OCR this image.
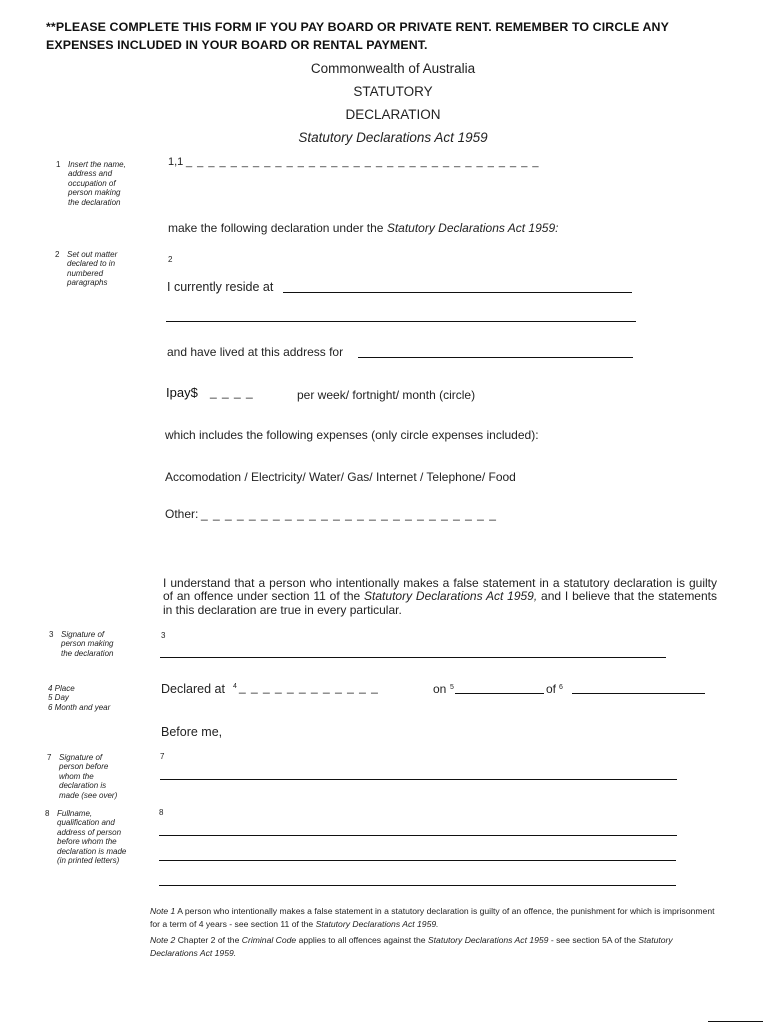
**PLEASE COMPLETE THIS FORM IF YOU PAY BOARD OR PRIVATE RENT. REMEMBER TO CIRCLE ANY EXPENSES INCLUDED IN YOUR BOARD OR RENTAL PAYMENT.
Commonwealth of Australia
STATUTORY
DECLARATION
Statutory Declarations Act 1959
1 Insert the name, address and occupation of person making the declaration
2 Set out matter declared to in numbered paragraphs
3 Signature of person making the declaration
4 Place
5 Day
6 Month and year
7 Signature of person before whom the declaration is made (see over)
8 Fullname, qualification and address of person before whom the declaration is made (in printed letters)
1,1 _ _ _ _ _ _ _ _ _ _ _ _ _ _ _ _ _ _ _ _ _ _ _ _ _ _ _ _ _ _ _ _
make the following declaration under the Statutory Declarations Act 1959:
2
I currently reside at
and have lived at this address for
Ipay$ _ _ _ _	per week/ fortnight/ month (circle)
which includes the following expenses (only circle expenses included):
Accomodation / Electricity/ Water/ Gas/ Internet / Telephone/ Food
Other: _ _ _ _ _ _ _ _ _ _ _ _ _ _ _ _ _ _ _ _ _ _ _ _ _
I understand that a person who intentionally makes a false statement in a statutory declaration is guilty of an offence under section 11 of the Statutory Declarations Act 1959, and I believe that the statements in this declaration are true in every particular.
3
Declared at 4 _ _ _ _ _ _ _ _ _ _ _ _	on 5	of 6
Before me,
7
8
Note 1 A person who intentionally makes a false statement in a statutory declaration is guilty of an offence, the punishment for which is imprisonment for a term of 4 years - see section 11 of the Statutory Declarations Act 1959.
Note 2 Chapter 2 of the Criminal Code applies to all offences against the Statutory Declarations Act 1959 - see section 5A of the Statutory Declarations Act 1959.
